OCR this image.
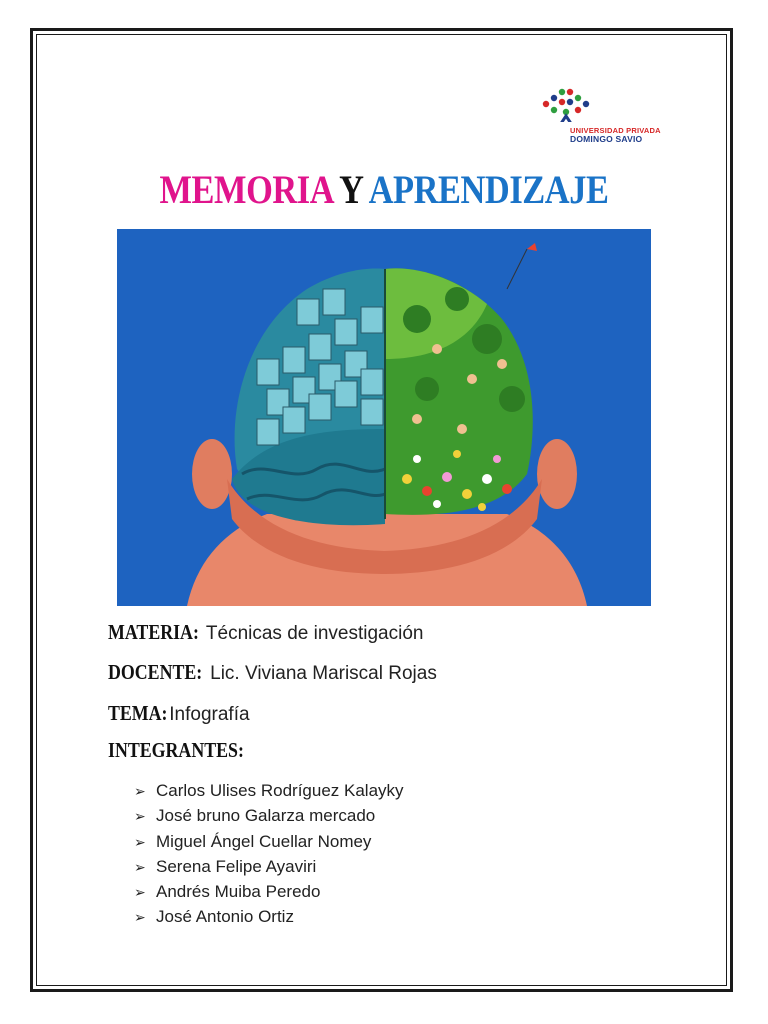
UNIVERSIDAD PRIVADA
DOMINGO SAVIO
MEMORIA Y APRENDIZAJE
MATERIA: Técnicas de investigación
DOCENTE: Lic. Viviana Mariscal Rojas
TEMA: Infografía
INTEGRANTES:
➢ Carlos Ulises Rodríguez Kalayky
➢ José bruno Galarza mercado
➢ Miguel Ángel Cuellar Nomey
➢ Serena Felipe Ayaviri
➢ Andrés Muiba Peredo
➢ José Antonio Ortiz
